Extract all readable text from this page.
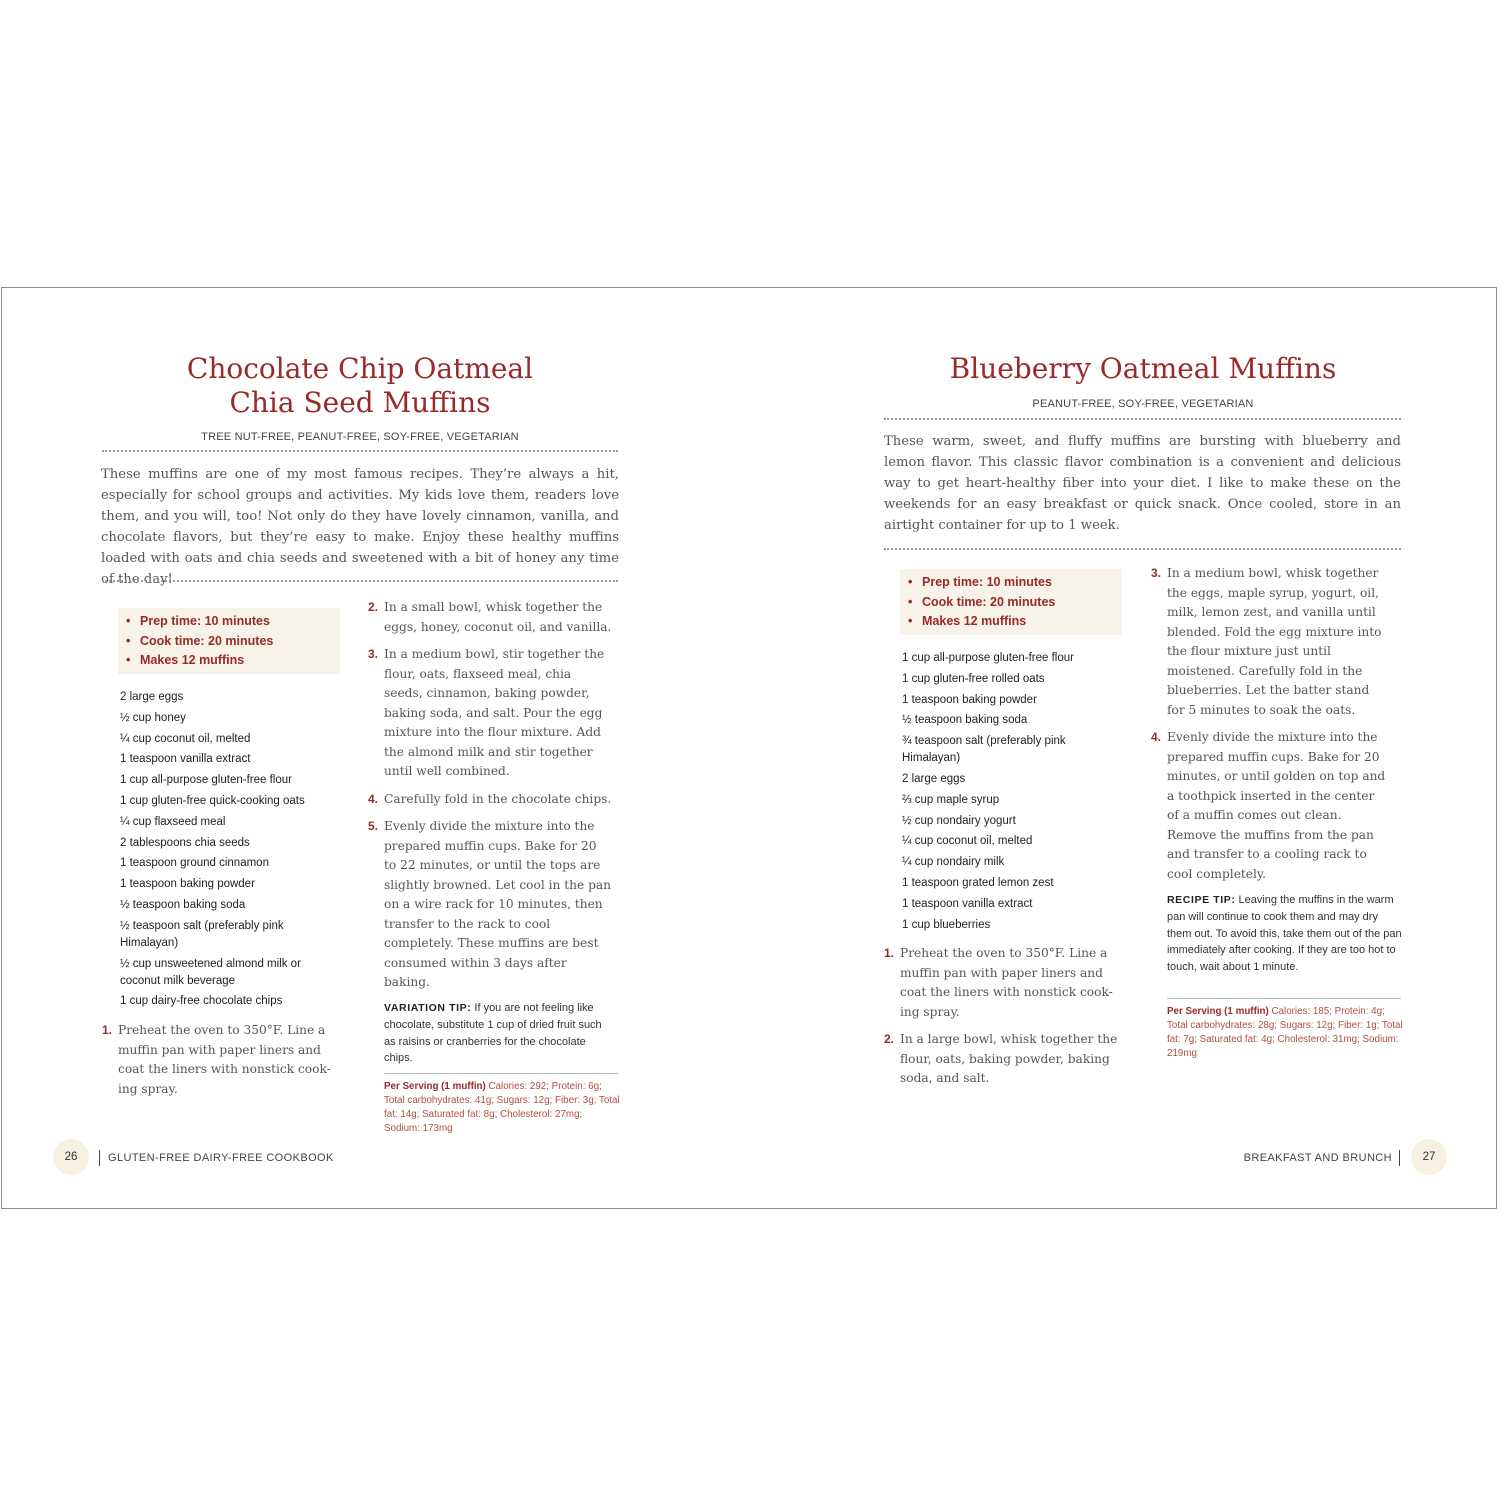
Chocolate Chip Oatmeal
Chia Seed Muffins

TREE NUT-FREE, PEANUT-FREE, SOY-FREE, VEGETARIAN

These muffins are one of my most famous recipes. They’re always a hit, especially for school groups and activities. My kids love them, readers love them, and you will, too! Not only do they have lovely cinnamon, vanilla, and chocolate flavors, but they’re easy to make. Enjoy these healthy muffins loaded with oats and chia seeds and sweetened with a bit of honey any time of the day!

• Prep time: 10 minutes
• Cook time: 20 minutes
• Makes 12 muffins
2 large eggs
½ cup honey
¼ cup coconut oil, melted
1 teaspoon vanilla extract
1 cup all-purpose gluten-free flour
1 cup gluten-free quick-cooking oats
¼ cup flaxseed meal
2 tablespoons chia seeds
1 teaspoon ground cinnamon
1 teaspoon baking powder
½ teaspoon baking soda
½ teaspoon salt (preferably pink Himalayan)
½ cup unsweetened almond milk or coconut milk beverage
1 cup dairy-free chocolate chips
1. Preheat the oven to 350°F. Line a muffin pan with paper liners and coat the liners with nonstick cook-ing spray.
2. In a small bowl, whisk together the eggs, honey, coconut oil, and vanilla.
3. In a medium bowl, stir together the flour, oats, flaxseed meal, chia seeds, cinnamon, baking powder, baking soda, and salt. Pour the egg mixture into the flour mixture. Add the almond milk and stir together until well combined.
4. Carefully fold in the chocolate chips.
5. Evenly divide the mixture into the prepared muffin cups. Bake for 20 to 22 minutes, or until the tops are slightly browned. Let cool in the pan on a wire rack for 10 minutes, then transfer to the rack to cool completely. These muffins are best consumed within 3 days after baking.

VARIATION TIP: If you are not feeling like chocolate, substitute 1 cup of dried fruit such as raisins or cranberries for the chocolate chips.

Per Serving (1 muffin) Calories: 292; Protein: 6g; Total carbohydrates: 41g; Sugars: 12g; Fiber: 3g; Total fat: 14g; Saturated fat: 8g; Cholesterol: 27mg; Sodium: 173mg

26	GLUTEN-FREE DAIRY-FREE COOKBOOK
Blueberry Oatmeal Muffins

PEANUT-FREE, SOY-FREE, VEGETARIAN

These warm, sweet, and fluffy muffins are bursting with blueberry and lemon flavor. This classic flavor combination is a convenient and delicious way to get heart-healthy fiber into your diet. I like to make these on the weekends for an easy breakfast or quick snack. Once cooled, store in an airtight container for up to 1 week.

• Prep time: 10 minutes
• Cook time: 20 minutes
• Makes 12 muffins
1 cup all-purpose gluten-free flour
1 cup gluten-free rolled oats
1 teaspoon baking powder
½ teaspoon baking soda
¾ teaspoon salt (preferably pink Himalayan)
2 large eggs
⅔ cup maple syrup
½ cup nondairy yogurt
¼ cup coconut oil, melted
¼ cup nondairy milk
1 teaspoon grated lemon zest
1 teaspoon vanilla extract
1 cup blueberries
1. Preheat the oven to 350°F. Line a muffin pan with paper liners and coat the liners with nonstick cook-ing spray.
2. In a large bowl, whisk together the flour, oats, baking powder, baking soda, and salt.
3. In a medium bowl, whisk together the eggs, maple syrup, yogurt, oil, milk, lemon zest, and vanilla until blended. Fold the egg mixture into the flour mixture just until moistened. Carefully fold in the blueberries. Let the batter stand for 5 minutes to soak the oats.
4. Evenly divide the mixture into the prepared muffin cups. Bake for 20 minutes, or until golden on top and a toothpick inserted in the center of a muffin comes out clean. Remove the muffins from the pan and transfer to a cooling rack to cool completely.

RECIPE TIP: Leaving the muffins in the warm pan will continue to cook them and may dry them out. To avoid this, take them out of the pan immediately after cooking. If they are too hot to touch, wait about 1 minute.

Per Serving (1 muffin) Calories: 185; Protein: 4g; Total carbohydrates: 28g; Sugars: 12g; Fiber: 1g; Total fat: 7g; Saturated fat: 4g; Cholesterol: 31mg; Sodium: 219mg

BREAKFAST AND BRUNCH	27
